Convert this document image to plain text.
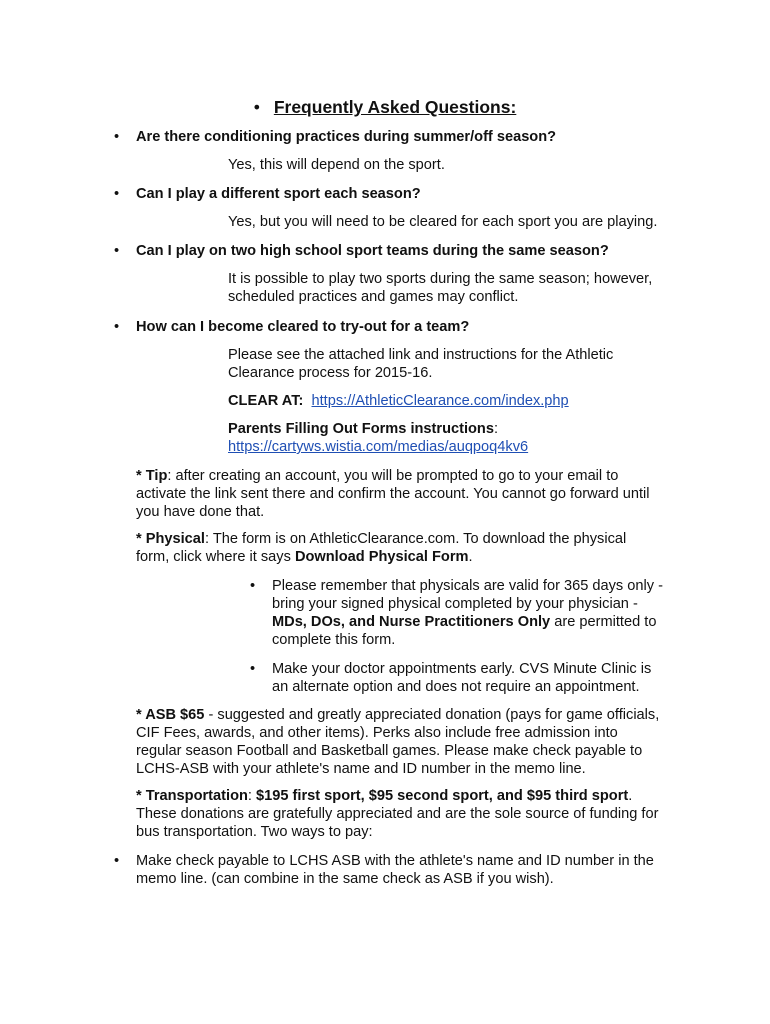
• Frequently Asked Questions:
• Are there conditioning practices during summer/off season?

Yes, this will depend on the sport.

• Can I play a different sport each season?

Yes, but you will need to be cleared for each sport you are playing.

• Can I play on two high school sport teams during the same season?

It is possible to play two sports during the same season; however,

scheduled practices and games may conflict.

• How can I become cleared to try-out for a team?

Please see the attached link and instructions for the Athletic

Clearance process for 2015-16.

CLEAR AT: https://AthleticClearance.com/index.php

Parents Filling Out Forms instructions:

https://cartyws.wistia.com/medias/auqpoq4kv6

* Tip: after creating an account, you will be prompted to go to your email to

activate the link sent there and confirm the account. You cannot go forward until

you have done that.

* Physical: The form is on AthleticClearance.com. To download the physical

form, click where it says Download Physical Form.

• Please remember that physicals are valid for 365 days only -
bring your signed physical completed by your physician -
MDs, DOs, and Nurse Practitioners Only are permitted to
complete this form.
• Make your doctor appointments early. CVS Minute Clinic is
an alternate option and does not require an appointment.

* ASB $65 - suggested and greatly appreciated donation (pays for game officials,

CIF Fees, awards, and other items). Perks also include free admission into

regular season Football and Basketball games. Please make check payable to

LCHS-ASB with your athlete's name and ID number in the memo line.

* Transportation: $195 first sport, $95 second sport, and $95 third sport.

These donations are gratefully appreciated and are the sole source of funding for

bus transportation. Two ways to pay:

• Make check payable to LCHS ASB with the athlete's name and ID number in the
memo line. (can combine in the same check as ASB if you wish).
